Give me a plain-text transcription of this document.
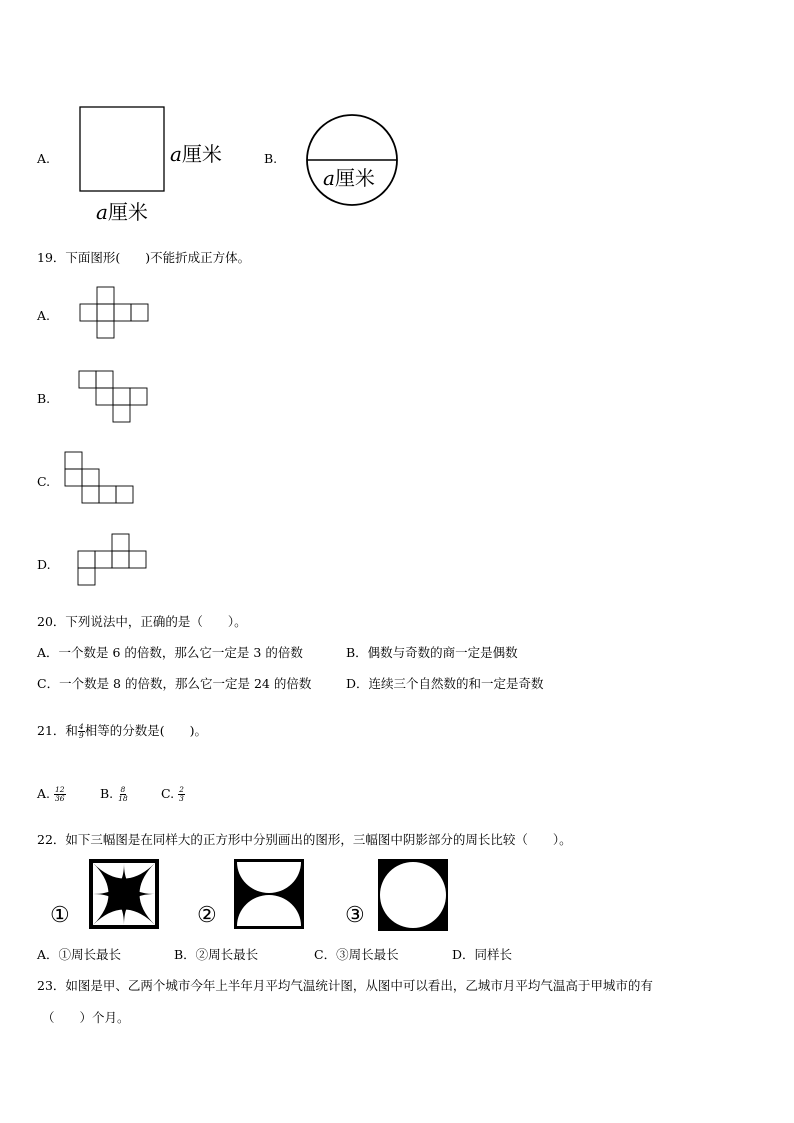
A.	a厘米
a厘米
B.
a厘米
19．下面图形(　　)不能折成正方体。
A.
B.
C.
D.
20．下列说法中，正确的是（　　）。
A．一个数是 6 的倍数，那么它一定是 3 的倍数	B．偶数与奇数的商一定是偶数
C．一个数是 8 的倍数，那么它一定是 24 的倍数	D．连续三个自然数的和一定是奇数
21．和 $\frac{4}{9}$ 相等的分数是(　　)。
A. $\frac{12}{36}$	B. $\frac{8}{18}$	C. $\frac{2}{3}$
22．如下三幅图是在同样大的正方形中分别画出的图形，三幅图中阴影部分的周长比较（　　）。
①	②	③
A．①周长最长	B．②周长最长	C．③周长最长	D．同样长
23．如图是甲、乙两个城市今年上半年月平均气温统计图，从图中可以看出，乙城市月平均气温高于甲城市的有
（　　）个月。
